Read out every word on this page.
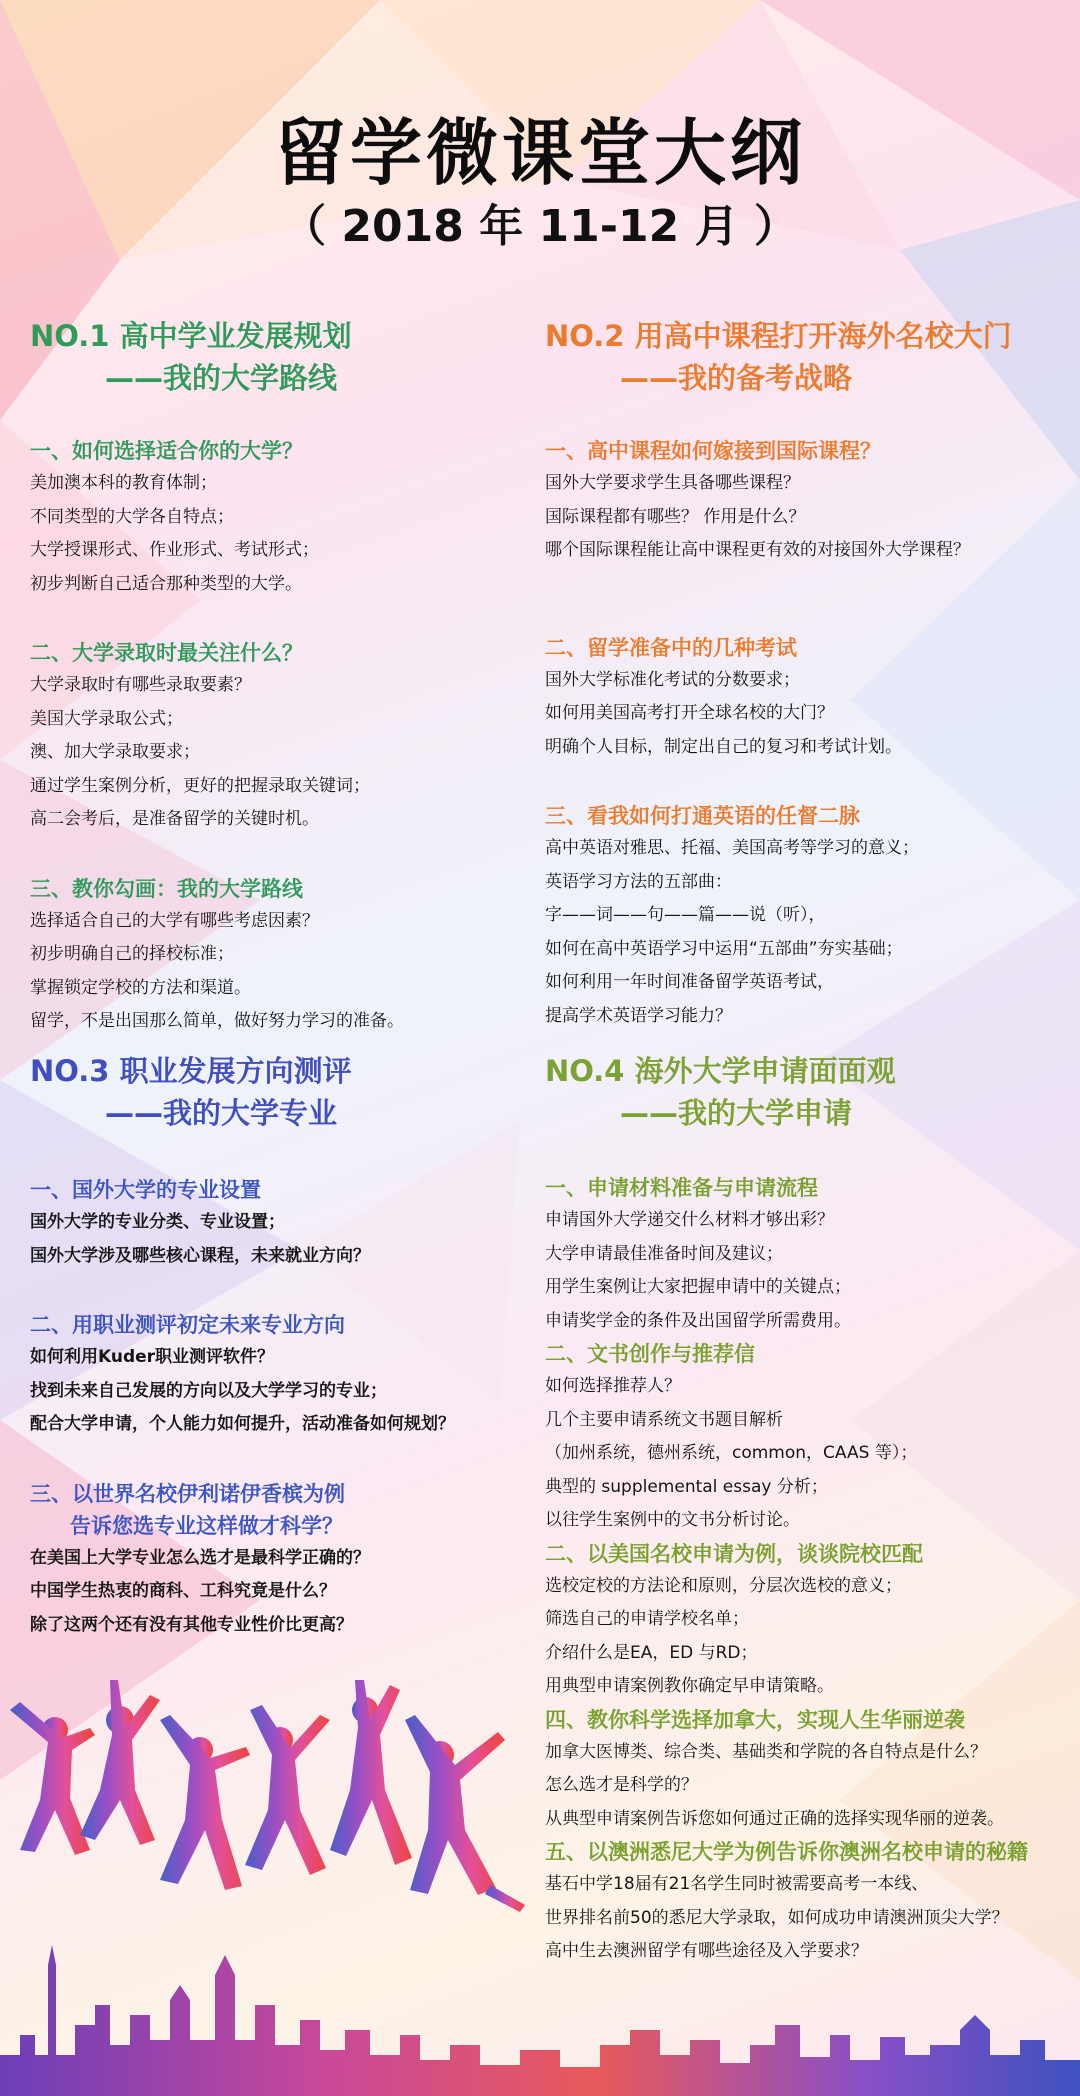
留学微课堂大纲
（ 2018 年 11-12 月 ）
NO.1 高中学业发展规划
——我的大学路线
一、如何选择适合你的大学？
美加澳本科的教育体制；
不同类型的大学各自特点；
大学授课形式、作业形式、考试形式；
初步判断自己适合那种类型的大学。
二、大学录取时最关注什么？
大学录取时有哪些录取要素？
美国大学录取公式；
澳、加大学录取要求；
通过学生案例分析，更好的把握录取关键词；
高二会考后，是准备留学的关键时机。
三、教你勾画：我的大学路线
选择适合自己的大学有哪些考虑因素？
初步明确自己的择校标准；
掌握锁定学校的方法和渠道。
留学，不是出国那么简单，做好努力学习的准备。
NO.2 用高中课程打开海外名校大门
——我的备考战略
一、高中课程如何嫁接到国际课程？
国外大学要求学生具备哪些课程？
国际课程都有哪些？ 作用是什么？
哪个国际课程能让高中课程更有效的对接国外大学课程？
二、留学准备中的几种考试
国外大学标准化考试的分数要求；
如何用美国高考打开全球名校的大门？
明确个人目标，制定出自己的复习和考试计划。
三、看我如何打通英语的任督二脉
高中英语对雅思、托福、美国高考等学习的意义；
英语学习方法的五部曲：
字——词——句——篇——说（听），
如何在高中英语学习中运用“五部曲”夯实基础；
如何利用一年时间准备留学英语考试，
提高学术英语学习能力？
NO.3 职业发展方向测评
——我的大学专业
一、国外大学的专业设置
国外大学的专业分类、专业设置；
国外大学涉及哪些核心课程，未来就业方向？
二、用职业测评初定未来专业方向
如何利用Kuder职业测评软件？
找到未来自己发展的方向以及大学学习的专业；
配合大学申请，个人能力如何提升，活动准备如何规划？
三、以世界名校伊利诺伊香槟为例
告诉您选专业这样做才科学？
在美国上大学专业怎么选才是最科学正确的？
中国学生热衷的商科、工科究竟是什么？
除了这两个还有没有其他专业性价比更高？
NO.4 海外大学申请面面观
——我的大学申请
一、申请材料准备与申请流程
申请国外大学递交什么材料才够出彩？
大学申请最佳准备时间及建议；
用学生案例让大家把握申请中的关键点；
申请奖学金的条件及出国留学所需费用。
二、文书创作与推荐信
如何选择推荐人？
几个主要申请系统文书题目解析
（加州系统，德州系统，common，CAAS 等）；
典型的 supplemental essay 分析；
以往学生案例中的文书分析讨论。
二、以美国名校申请为例，谈谈院校匹配
选校定校的方法论和原则，分层次选校的意义；
筛选自己的申请学校名单；
介绍什么是EA，ED 与RD；
用典型申请案例教你确定早申请策略。
四、教你科学选择加拿大，实现人生华丽逆袭
加拿大医博类、综合类、基础类和学院的各自特点是什么？
怎么选才是科学的？
从典型申请案例告诉您如何通过正确的选择实现华丽的逆袭。
五、以澳洲悉尼大学为例告诉你澳洲名校申请的秘籍
基石中学18届有21名学生同时被需要高考一本线、
世界排名前50的悉尼大学录取，如何成功申请澳洲顶尖大学？
高中生去澳洲留学有哪些途径及入学要求？
